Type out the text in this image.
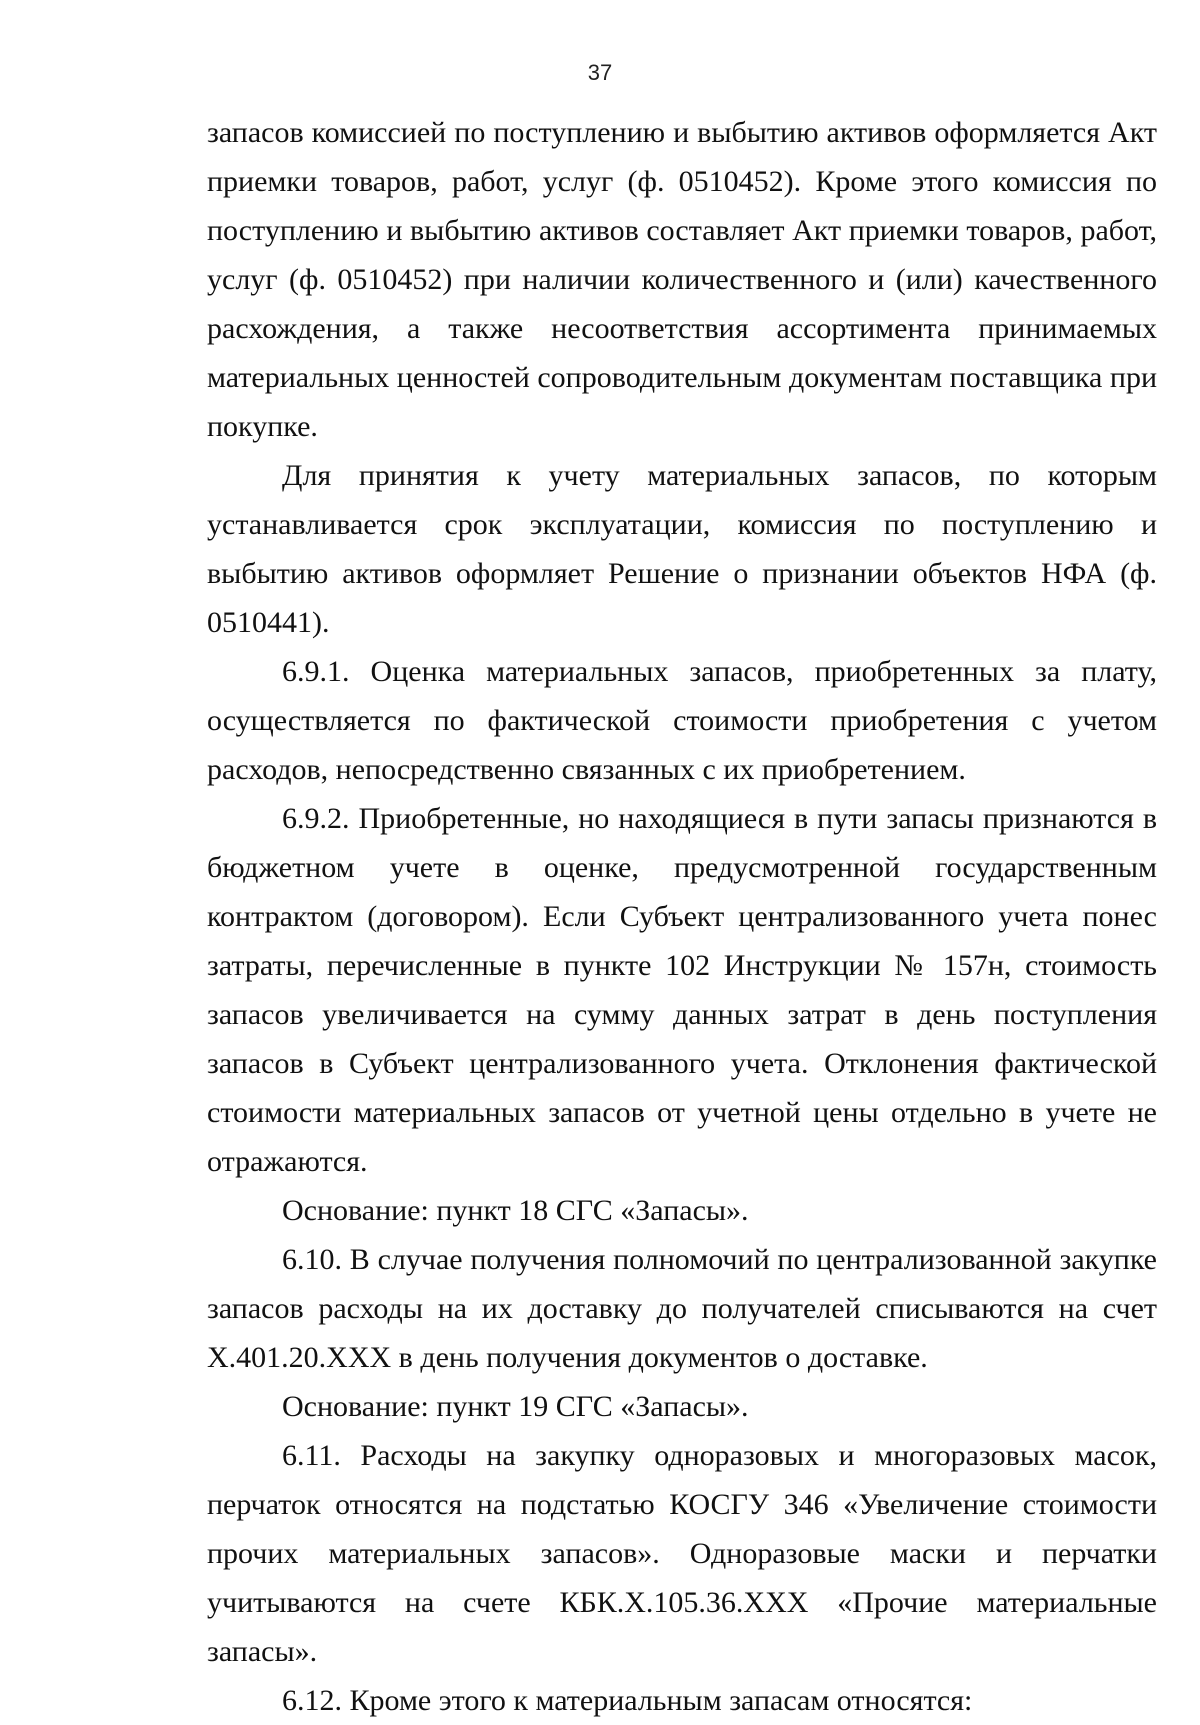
37

запасов комиссией по поступлению и выбытию активов оформляется Акт приемки товаров, работ, услуг (ф. 0510452). Кроме этого комиссия по поступлению и выбытию активов составляет Акт приемки товаров, работ, услуг (ф. 0510452) при наличии количественного и (или) качественного расхождения, а также несоответствия ассортимента принимаемых материальных ценностей сопроводительным документам поставщика при покупке.

Для принятия к учету материальных запасов, по которым устанавливается срок эксплуатации, комиссия по поступлению и выбытию активов оформляет Решение о признании объектов НФА (ф. 0510441).

6.9.1. Оценка материальных запасов, приобретенных за плату, осуществляется по фактической стоимости приобретения с учетом расходов, непосредственно связанных с их приобретением.

6.9.2. Приобретенные, но находящиеся в пути запасы признаются в бюджетном учете в оценке, предусмотренной государственным контрактом (договором). Если Субъект централизованного учета понес затраты, перечисленные в пункте 102 Инструкции № 157н, стоимость запасов увеличивается на сумму данных затрат в день поступления запасов в Субъект централизованного учета. Отклонения фактической стоимости материальных запасов от учетной цены отдельно в учете не отражаются.

Основание: пункт 18 СГС «Запасы».

6.10. В случае получения полномочий по централизованной закупке запасов расходы на их доставку до получателей списываются на счет Х.401.20.ХХХ в день получения документов о доставке.

Основание: пункт 19 СГС «Запасы».

6.11. Расходы на закупку одноразовых и многоразовых масок, перчаток относятся на подстатью КОСГУ 346 «Увеличение стоимости прочих материальных запасов». Одноразовые маски и перчатки учитываются на счете КБК.Х.105.36.ХХХ «Прочие материальные запасы».

6.12. Кроме этого к материальным запасам относятся:
